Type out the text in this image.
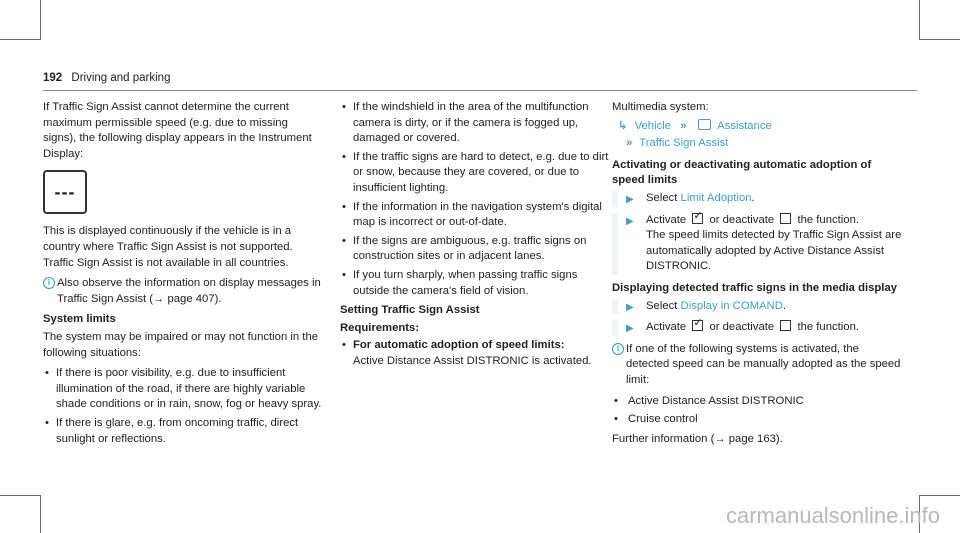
192 Driving and parking

If Traffic Sign Assist cannot determine the current maximum permissible speed (e.g. due to missing signs), the following display appears in the Instrument Display:

---

This is displayed continuously if the vehicle is in a country where Traffic Sign Assist is not supported. Traffic Sign Assist is not available in all countries.

i Also observe the information on display messages in Traffic Sign Assist (→ page 407).

System limits

The system may be impaired or may not function in the following situations:

• If there is poor visibility, e.g. due to insufficient illumination of the road, if there are highly variable shade conditions or in rain, snow, fog or heavy spray.
• If there is glare, e.g. from oncoming traffic, direct sunlight or reflections.
• If the windshield in the area of the multifunction camera is dirty, or if the camera is fogged up, damaged or covered.
• If the traffic signs are hard to detect, e.g. due to dirt or snow, because they are covered, or due to insufficient lighting.
• If the information in the navigation system's digital map is incorrect or out-of-date.
• If the signs are ambiguous, e.g. traffic signs on construction sites or in adjacent lanes.
• If you turn sharply, when passing traffic signs outside the camera's field of vision.
Setting Traffic Sign Assist
Requirements:
• For automatic adoption of speed limits:
Active Distance Assist DISTRONIC is activated.

Multimedia system:

↳ Vehicle »	Assistance
» Traffic Sign Assist
Activating or deactivating automatic adoption of speed limits
▶ Select Limit Adoption.
▶ Activate ✓ or deactivate the function.
The speed limits detected by Traffic Sign Assist are automatically adopted by Active Distance Assist DISTRONIC.
Displaying detected traffic signs in the media display
▶ Select Display in COMAND.
▶ Activate ✓ or deactivate the function.

i If one of the following systems is activated, the detected speed can be manually adopted as the speed limit:

• Active Distance Assist DISTRONIC
• Cruise control

Further information (→ page 163).

carmanualsonline.info
